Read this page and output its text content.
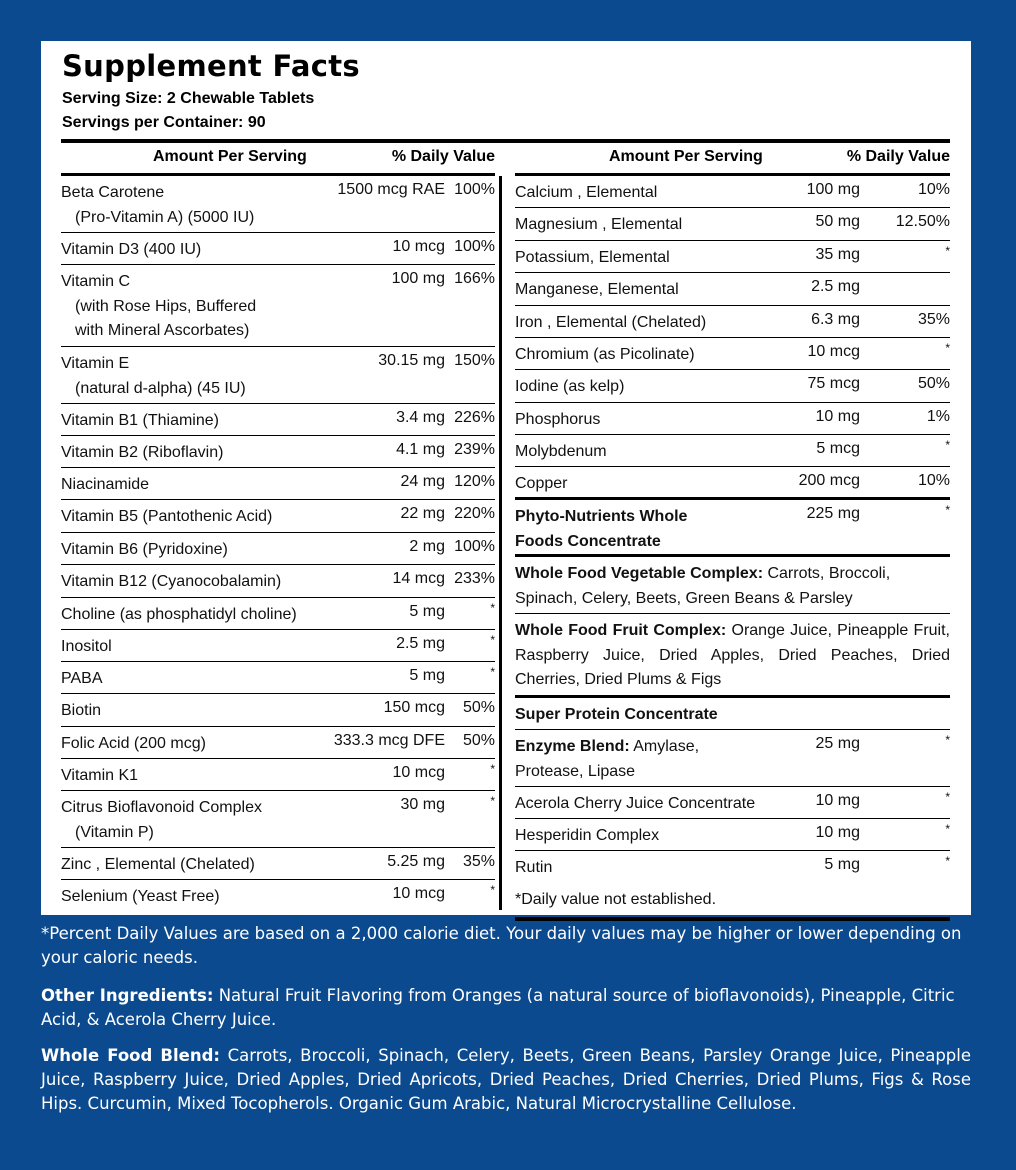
Supplement Facts
Serving Size: 2 Chewable Tablets
Servings per Container: 90
Amount Per Serving	% Daily Value
Beta Carotene
(Pro-Vitamin A) (5000 IU)
1500 mcg RAE 100%
Vitamin D3 (400 IU)	10 mcg 100%
Vitamin C
(with Rose Hips, Buffered
with Mineral Ascorbates)
100 mg 166%
Vitamin E
(natural d-alpha) (45 IU)
30.15 mg 150%
Vitamin B1 (Thiamine)	3.4 mg 226%
Vitamin B2 (Riboflavin)	4.1 mg 239%
Niacinamide	24 mg 120%
Vitamin B5 (Pantothenic Acid)	22 mg 220%
Vitamin B6 (Pyridoxine)	2 mg 100%
Vitamin B12 (Cyanocobalamin)	14 mcg 233%
Choline (as phosphatidyl choline)	5 mg	*
Inositol	2.5 mg	*
PABA	5 mg	*
Biotin	150 mcg 50%
Folic Acid (200 mcg)	333.3 mcg DFE 50%
Vitamin K1	10 mcg	*
Citrus Bioflavonoid Complex
(Vitamin P)
30 mg	*
Zinc , Elemental (Chelated)	5.25 mg 35%
Selenium (Yeast Free)	10 mcg	*
Amount Per Serving	% Daily Value
Calcium , Elemental	100 mg	10%
Magnesium , Elemental	50 mg 12.50%
Potassium, Elemental	35 mg	*
Manganese, Elemental	2.5 mg
Iron , Elemental (Chelated)	6.3 mg	35%
Chromium (as Picolinate)	10 mcg	*
Iodine (as kelp)	75 mcg	50%
Phosphorus	10 mg	1%
Molybdenum	5 mcg	*
Copper	200 mcg	10%
Phyto-Nutrients Whole
Foods Concentrate
225 mg	*
Whole Food Vegetable Complex: Carrots, Broccoli, Spinach, Celery, Beets, Green Beans & Parsley
Whole Food Fruit Complex: Orange Juice, Pineapple Fruit, Raspberry Juice, Dried Apples, Dried Peaches, Dried Cherries, Dried Plums & Figs
Super Protein Concentrate
Enzyme Blend: Amylase,
Protease, Lipase
25 mg	*
Acerola Cherry Juice Concentrate	10 mg	*
Hesperidin Complex	10 mg	*
Rutin	5 mg	*
*Daily value not established.
*Percent Daily Values are based on a 2,000 calorie diet. Your daily values may be higher or lower depending on your caloric needs.
Other Ingredients: Natural Fruit Flavoring from Oranges (a natural source of bioflavonoids), Pineapple, Citric Acid, & Acerola Cherry Juice.
Whole Food Blend: Carrots, Broccoli, Spinach, Celery, Beets, Green Beans, Parsley Orange Juice, Pineapple Juice, Raspberry Juice, Dried Apples, Dried Apricots, Dried Peaches, Dried Cherries, Dried Plums, Figs & Rose Hips. Curcumin, Mixed Tocopherols. Organic Gum Arabic, Natural Microcrystalline Cellulose.
